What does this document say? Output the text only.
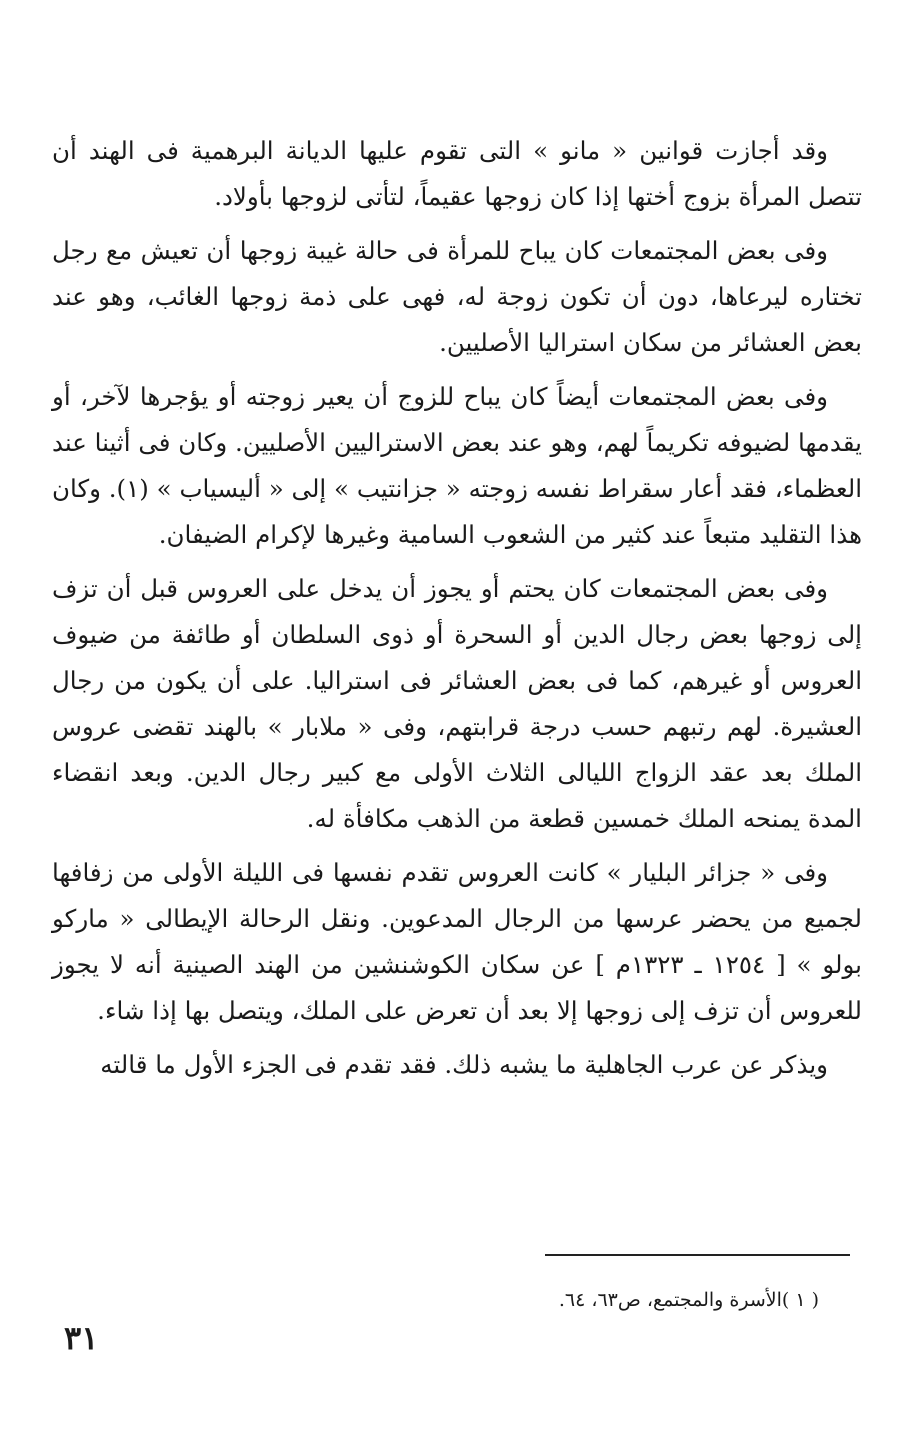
وقد أجازت قوانين « مانو » التى تقوم عليها الديانة البرهمية فى الهند أن تتصل المرأة بزوج أختها إذا كان زوجها عقيماً، لتأتى لزوجها بأولاد.

وفى بعض المجتمعات كان يباح للمرأة فى حالة غيبة زوجها أن تعيش مع رجل تختاره ليرعاها، دون أن تكون زوجة له، فهى على ذمة زوجها الغائب، وهو عند بعض العشائر من سكان استراليا الأصليين.

وفى بعض المجتمعات أيضاً كان يباح للزوج أن يعير زوجته أو يؤجرها لآخر، أو يقدمها لضيوفه تكريماً لهم، وهو عند بعض الاستراليين الأصليين. وكان فى أثينا عند العظماء، فقد أعار سقراط نفسه زوجته « جزانتيب » إلى « أليسياب » (١). وكان هذا التقليد متبعاً عند كثير من الشعوب السامية وغيرها لإكرام الضيفان.

وفى بعض المجتمعات كان يحتم أو يجوز أن يدخل على العروس قبل أن تزف إلى زوجها بعض رجال الدين أو السحرة أو ذوى السلطان أو طائفة من ضيوف العروس أو غيرهم، كما فى بعض العشائر فى استراليا. على أن يكون من رجال العشيرة. لهم رتبهم حسب درجة قرابتهم، وفى « ملابار » بالهند تقضى عروس الملك بعد عقد الزواج الليالى الثلاث الأولى مع كبير رجال الدين. وبعد انقضاء المدة يمنحه الملك خمسين قطعة من الذهب مكافأة له.

وفى « جزائر البليار » كانت العروس تقدم نفسها فى الليلة الأولى من زفافها لجميع من يحضر عرسها من الرجال المدعوين. ونقل الرحالة الإيطالى « ماركو بولو » [ ١٢٥٤ ـ ١٣٢٣م ] عن سكان الكوشنشين من الهند الصينية أنه لا يجوز للعروس أن تزف إلى زوجها إلا بعد أن تعرض على الملك، ويتصل بها إذا شاء.

ويذكر عن عرب الجاهلية ما يشبه ذلك. فقد تقدم فى الجزء الأول ما قالته

( ١ )الأسرة والمجتمع، ص٦٣، ٦٤.
٣١
